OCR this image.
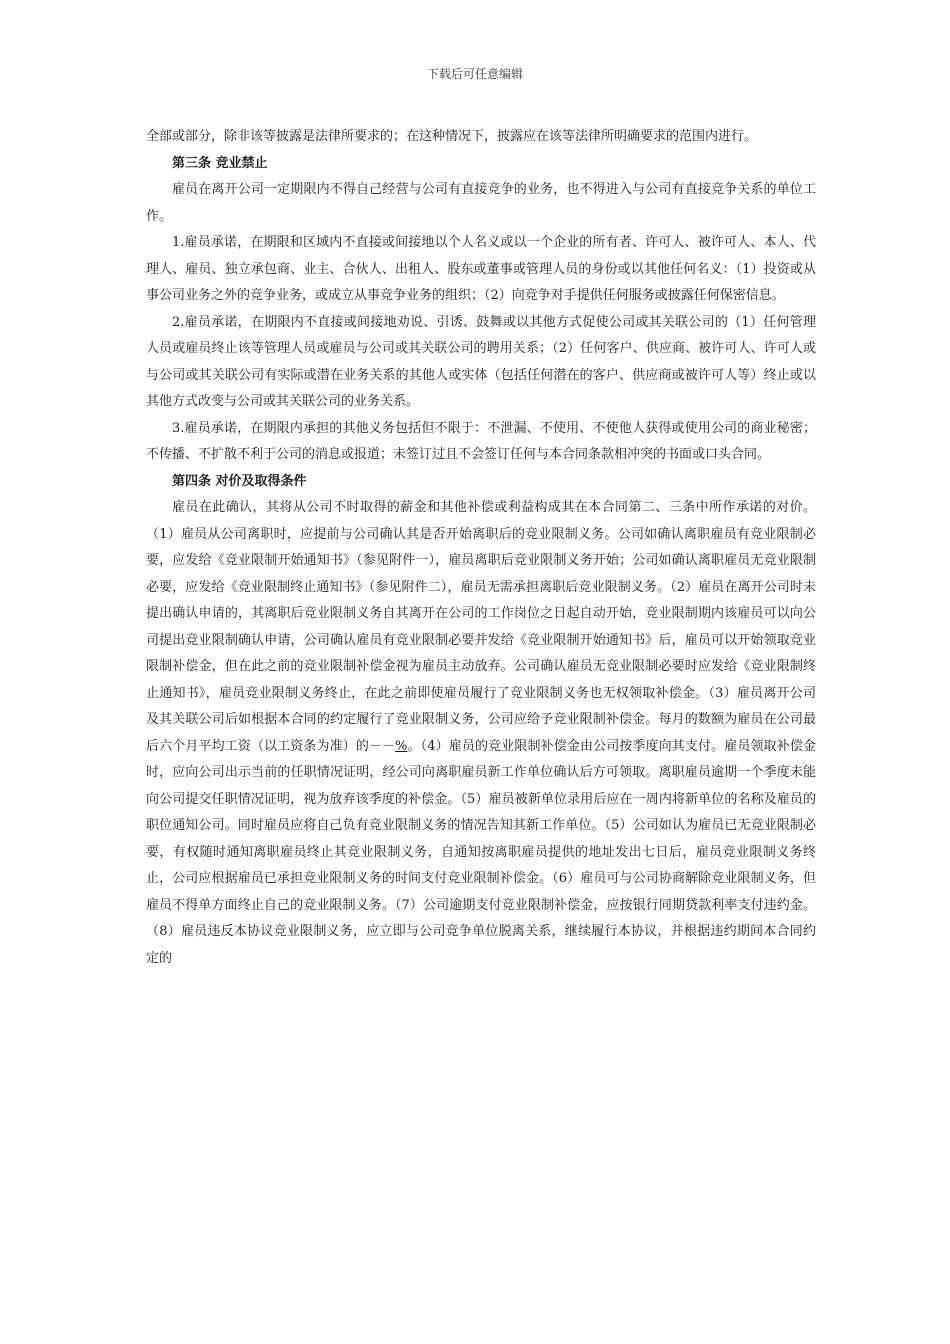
下载后可任意编辑

全部或部分，除非该等披露是法律所要求的；在这种情况下，披露应在该等法律所明确要求的范围内进行。

第三条 竞业禁止

雇员在离开公司一定期限内不得自己经营与公司有直接竞争的业务，也不得进入与公司有直接竞争关系的单位工作。

1.雇员承诺，在期限和区域内不直接或间接地以个人名义或以一个企业的所有者、许可人、被许可人、本人、代理人、雇员、独立承包商、业主、合伙人、出租人、股东或董事或管理人员的身份或以其他任何名义：（1）投资或从事公司业务之外的竞争业务，或成立从事竞争业务的组织；（2）向竞争对手提供任何服务或披露任何保密信息。

2.雇员承诺，在期限内不直接或间接地劝说、引诱、鼓舞或以其他方式促使公司或其关联公司的（1）任何管理人员或雇员终止该等管理人员或雇员与公司或其关联公司的聘用关系；（2）任何客户、供应商、被许可人、许可人或与公司或其关联公司有实际或潜在业务关系的其他人或实体（包括任何潜在的客户、供应商或被许可人等）终止或以其他方式改变与公司或其关联公司的业务关系。

3.雇员承诺，在期限内承担的其他义务包括但不限于：不泄漏、不使用、不使他人获得或使用公司的商业秘密；不传播、不扩散不利于公司的消息或报道；未签订过且不会签订任何与本合同条款相冲突的书面或口头合同。

第四条 对价及取得条件

雇员在此确认，其将从公司不时取得的薪金和其他补偿或利益构成其在本合同第二、三条中所作承诺的对价。（1）雇员从公司离职时，应提前与公司确认其是否开始离职后的竞业限制义务。公司如确认离职雇员有竞业限制必要，应发给《竞业限制开始通知书》（参见附件一），雇员离职后竞业限制义务开始；公司如确认离职雇员无竞业限制必要，应发给《竞业限制终止通知书》（参见附件二），雇员无需承担离职后竞业限制义务。（2）雇员在离开公司时未提出确认申请的，其离职后竞业限制义务自其离开在公司的工作岗位之日起自动开始，竞业限制期内该雇员可以向公司提出竞业限制确认申请，公司确认雇员有竞业限制必要并发给《竞业限制开始通知书》后，雇员可以开始领取竞业限制补偿金，但在此之前的竞业限制补偿金视为雇员主动放弃。公司确认雇员无竞业限制必要时应发给《竞业限制终止通知书》，雇员竞业限制义务终止，在此之前即使雇员履行了竞业限制义务也无权领取补偿金。（3）雇员离开公司及其关联公司后如根据本合同的约定履行了竞业限制义务，公司应给予竞业限制补偿金。每月的数额为雇员在公司最后六个月平均工资（以工资条为准）的－－%。（4）雇员的竞业限制补偿金由公司按季度向其支付。雇员领取补偿金时，应向公司出示当前的任职情况证明，经公司向离职雇员新工作单位确认后方可领取。离职雇员逾期一个季度未能向公司提交任职情况证明，视为放弃该季度的补偿金。（5）雇员被新单位录用后应在一周内将新单位的名称及雇员的职位通知公司。同时雇员应将自己负有竞业限制义务的情况告知其新工作单位。（5）公司如认为雇员已无竞业限制必要，有权随时通知离职雇员终止其竞业限制义务，自通知按离职雇员提供的地址发出七日后，雇员竞业限制义务终止，公司应根据雇员已承担竞业限制义务的时间支付竞业限制补偿金。（6）雇员可与公司协商解除竞业限制义务，但雇员不得单方面终止自己的竞业限制义务。（7）公司逾期支付竞业限制补偿金，应按银行同期贷款利率支付违约金。（8）雇员违反本协议竞业限制义务，应立即与公司竞争单位脱离关系，继续履行本协议，并根据违约期间本合同约定的
